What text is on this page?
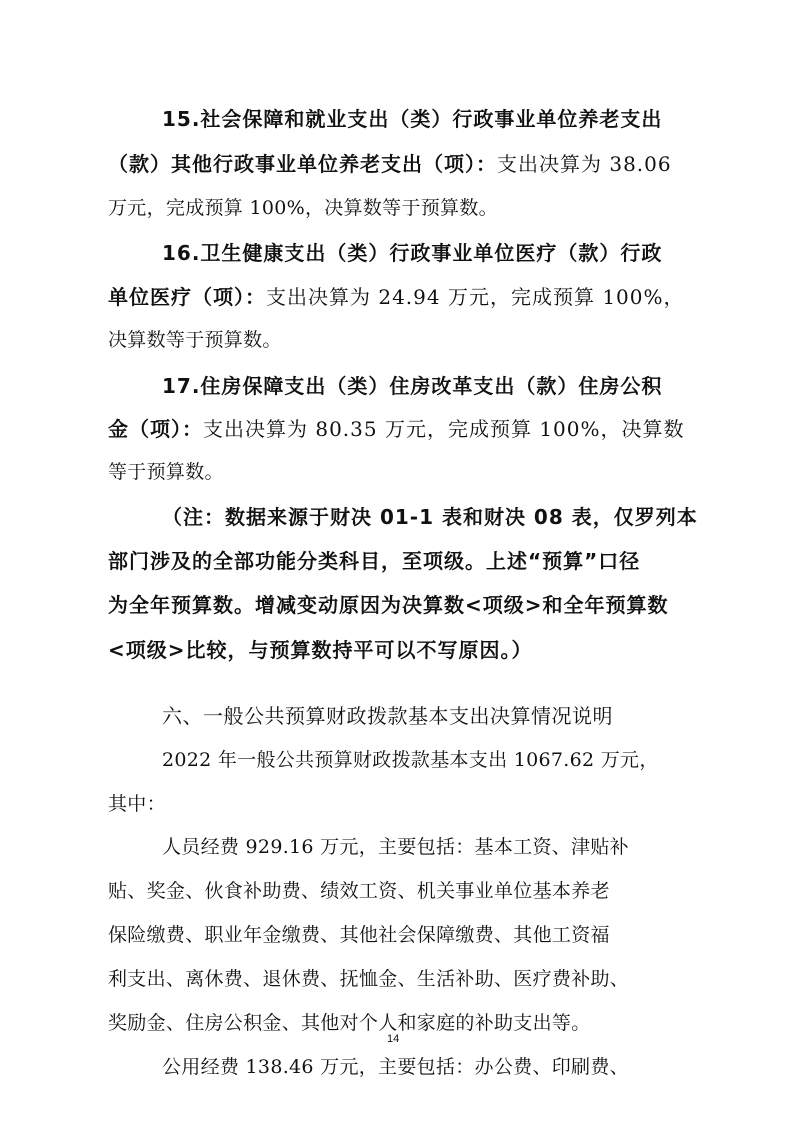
15.社会保障和就业支出（类）行政事业单位养老支出
（款）其他行政事业单位养老支出（项）：支出决算为 38.06
万元，完成预算 100%，决算数等于预算数。
16.卫生健康支出（类）行政事业单位医疗（款）行政
单位医疗（项）：支出决算为 24.94 万元，完成预算 100%，
决算数等于预算数。
17.住房保障支出（类）住房改革支出（款）住房公积
金（项）：支出决算为 80.35 万元，完成预算 100%，决算数
等于预算数。
（注：数据来源于财决 01-1 表和财决 08 表，仅罗列本
部门涉及的全部功能分类科目，至项级。上述“预算”口径
为全年预算数。增减变动原因为决算数<项级>和全年预算数
<项级>比较，与预算数持平可以不写原因。）
六、一般公共预算财政拨款基本支出决算情况说明
2022 年一般公共预算财政拨款基本支出 1067.62 万元，
其中：
人员经费 929.16 万元，主要包括：基本工资、津贴补
贴、奖金、伙食补助费、绩效工资、机关事业单位基本养老
保险缴费、职业年金缴费、其他社会保障缴费、其他工资福
利支出、离休费、退休费、抚恤金、生活补助、医疗费补助、
奖励金、住房公积金、其他对个人和家庭的补助支出等。
公用经费 138.46 万元，主要包括：办公费、印刷费、
14
